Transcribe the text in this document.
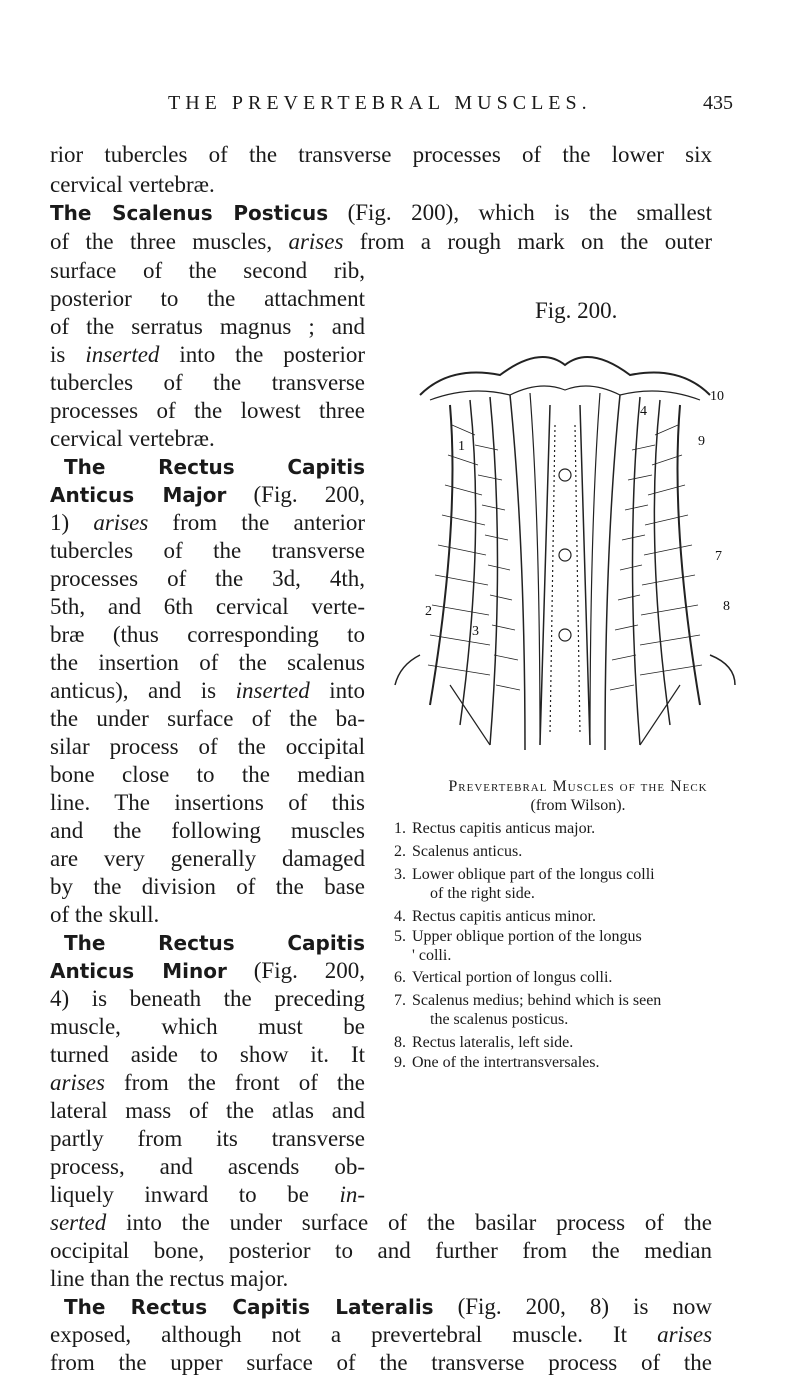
THE PREVERTEBRAL MUSCLES.	435
rior tubercles of the transverse processes of the lower six
cervical vertebræ.
The Scalenus Posticus (Fig. 200), which is the smallest
of the three muscles, arises from a rough mark on the outer
surface of the second rib,
posterior to the attachment
of the serratus magnus ; and
is inserted into the posterior
tubercles of the transverse
processes of the lowest three
cervical vertebræ.
The Rectus Capitis
Anticus Major (Fig. 200,
1) arises from the anterior
tubercles of the transverse
processes of the 3d, 4th,
5th, and 6th cervical verte-
bræ (thus corresponding to
the insertion of the scalenus
anticus), and is inserted into
the under surface of the ba-
silar process of the occipital
bone close to the median
line. The insertions of this
and the following muscles
are very generally damaged
by the division of the base
of the skull.
The Rectus Capitis
Anticus Minor (Fig. 200,
4) is beneath the preceding
muscle, which must be
turned aside to show it. It
arises from the front of the
lateral mass of the atlas and
partly from its transverse
process, and ascends ob-
liquely inward to be in-
serted into the under surface of the basilar process of the
occipital bone, posterior to and further from the median
line than the rectus major.
The Rectus Capitis Lateralis (Fig. 200, 8) is now
exposed, although not a prevertebral muscle. It arises
from the upper surface of the transverse process of the
Fig. 200.
1
2
3
4
7
8
9
10
Prevertebral Muscles of the Neck
(from Wilson).
1. Rectus capitis anticus major.
2. Scalenus anticus.
3. Lower oblique part of the longus colli
of the right side.
4. Rectus capitis anticus minor.
5. Upper oblique portion of the longus
' colli.
6. Vertical portion of longus colli.
7. Scalenus medius; behind which is seen
the scalenus posticus.
8. Rectus lateralis, left side.
9. One of the intertransversales.
